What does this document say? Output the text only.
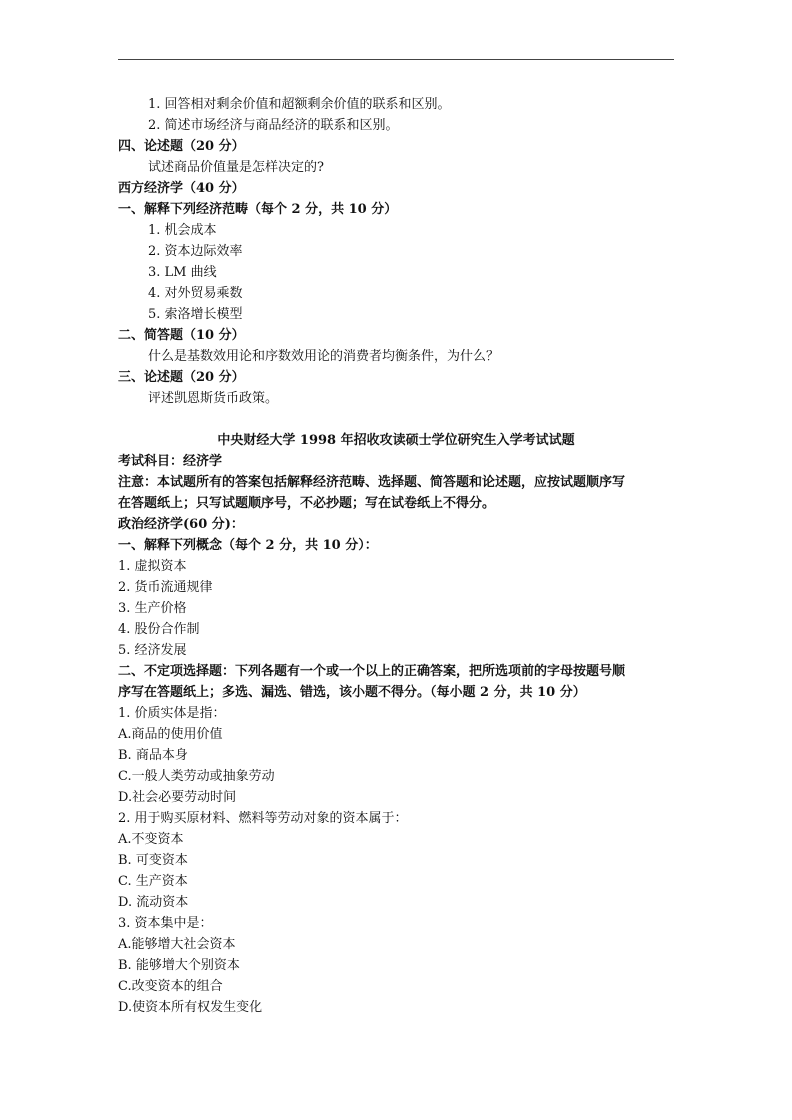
1. 回答相对剩余价值和超额剩余价值的联系和区别。
2. 简述市场经济与商品经济的联系和区别。
四、论述题（20 分）
试述商品价值量是怎样决定的?
西方经济学（40 分）
一、解释下列经济范畴（每个 2 分，共 10 分）
1. 机会成本
2. 资本边际效率
3. LM 曲线
4. 对外贸易乘数
5. 索洛增长模型
二、简答题（10 分）
什么是基数效用论和序数效用论的消费者均衡条件，为什么？
三、论述题（20 分）
评述凯恩斯货币政策。
中央财经大学 1998 年招收攻读硕士学位研究生入学考试试题
考试科目：经济学
注意：本试题所有的答案包括解释经济范畴、选择题、简答题和论述题，应按试题顺序写
在答题纸上；只写试题顺序号，不必抄题；写在试卷纸上不得分。
政治经济学(60 分)：
一、解释下列概念（每个 2 分，共 10 分）：
1. 虚拟资本
2. 货币流通规律
3. 生产价格
4. 股份合作制
5. 经济发展
二、不定项选择题：下列各题有一个或一个以上的正确答案，把所选项前的字母按题号顺
序写在答题纸上；多选、漏选、错选，该小题不得分。（每小题 2 分，共 10 分）
1. 价质实体是指：
A.商品的使用价值
B. 商品本身
C.一般人类劳动或抽象劳动
D.社会必要劳动时间
2. 用于购买原材料、燃料等劳动对象的资本属于：
A.不变资本
B. 可变资本
C. 生产资本
D. 流动资本
3. 资本集中是：
A.能够增大社会资本
B. 能够增大个别资本
C.改变资本的组合
D.使资本所有权发生变化
